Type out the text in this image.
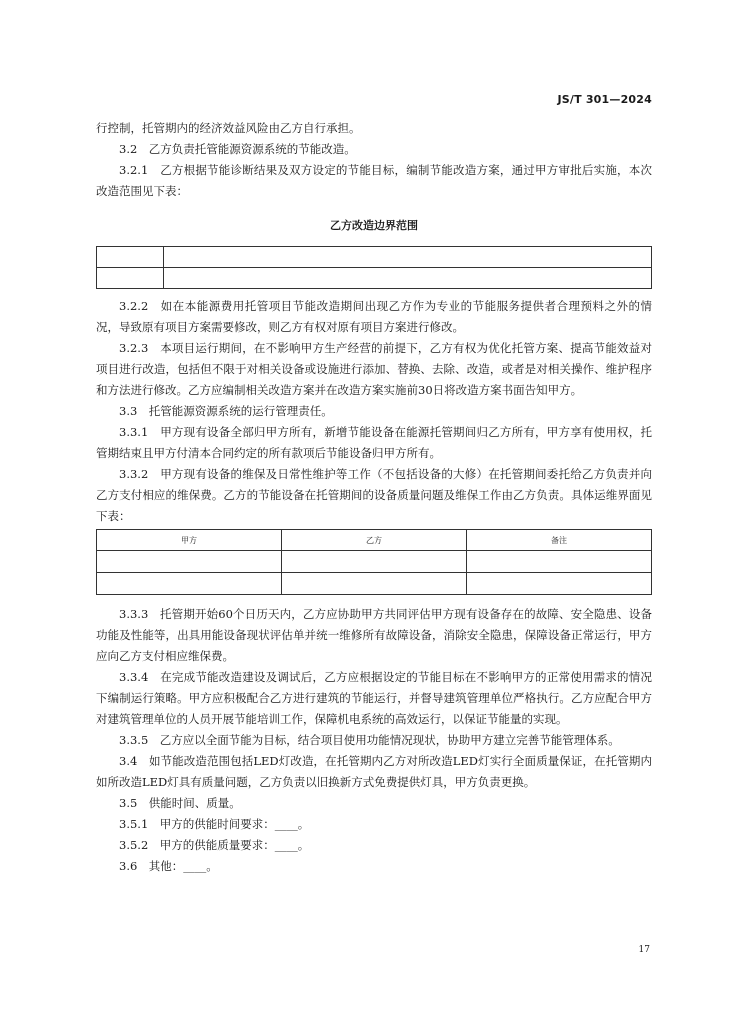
JS/T 301—2024

行控制，托管期内的经济效益风险由乙方自行承担。

3.2　乙方负责托管能源资源系统的节能改造。

3.2.1　乙方根据节能诊断结果及双方设定的节能目标，编制节能改造方案，通过甲方审批后实施，本次改造范围见下表：

乙方改造边界范围

3.2.2　如在本能源费用托管项目节能改造期间出现乙方作为专业的节能服务提供者合理预料之外的情况，导致原有项目方案需要修改，则乙方有权对原有项目方案进行修改。

3.2.3　本项目运行期间，在不影响甲方生产经营的前提下，乙方有权为优化托管方案、提高节能效益对项目进行改造，包括但不限于对相关设备或设施进行添加、替换、去除、改造，或者是对相关操作、维护程序和方法进行修改。乙方应编制相关改造方案并在改造方案实施前30日将改造方案书面告知甲方。

3.3　托管能源资源系统的运行管理责任。

3.3.1　甲方现有设备全部归甲方所有，新增节能设备在能源托管期间归乙方所有，甲方享有使用权，托管期结束且甲方付清本合同约定的所有款项后节能设备归甲方所有。

3.3.2　甲方现有设备的维保及日常性维护等工作（不包括设备的大修）在托管期间委托给乙方负责并向乙方支付相应的维保费。乙方的节能设备在托管期间的设备质量问题及维保工作由乙方负责。具体运维界面见下表：

甲方	乙方	备注

3.3.3　托管期开始60个日历天内，乙方应协助甲方共同评估甲方现有设备存在的故障、安全隐患、设备功能及性能等，出具用能设备现状评估单并统一维修所有故障设备，消除安全隐患，保障设备正常运行，甲方应向乙方支付相应维保费。

3.3.4　在完成节能改造建设及调试后，乙方应根据设定的节能目标在不影响甲方的正常使用需求的情况下编制运行策略。甲方应积极配合乙方进行建筑的节能运行，并督导建筑管理单位严格执行。乙方应配合甲方对建筑管理单位的人员开展节能培训工作，保障机电系统的高效运行，以保证节能量的实现。

3.3.5　乙方应以全面节能为目标，结合项目使用功能情况现状，协助甲方建立完善节能管理体系。

3.4　如节能改造范围包括LED灯改造，在托管期内乙方对所改造LED灯实行全面质量保证，在托管期内如所改造LED灯具有质量问题，乙方负责以旧换新方式免费提供灯具，甲方负责更换。

3.5　供能时间、质量。

3.5.1　甲方的供能时间要求：____。

3.5.2　甲方的供能质量要求：____。

3.6　其他：____。

17
